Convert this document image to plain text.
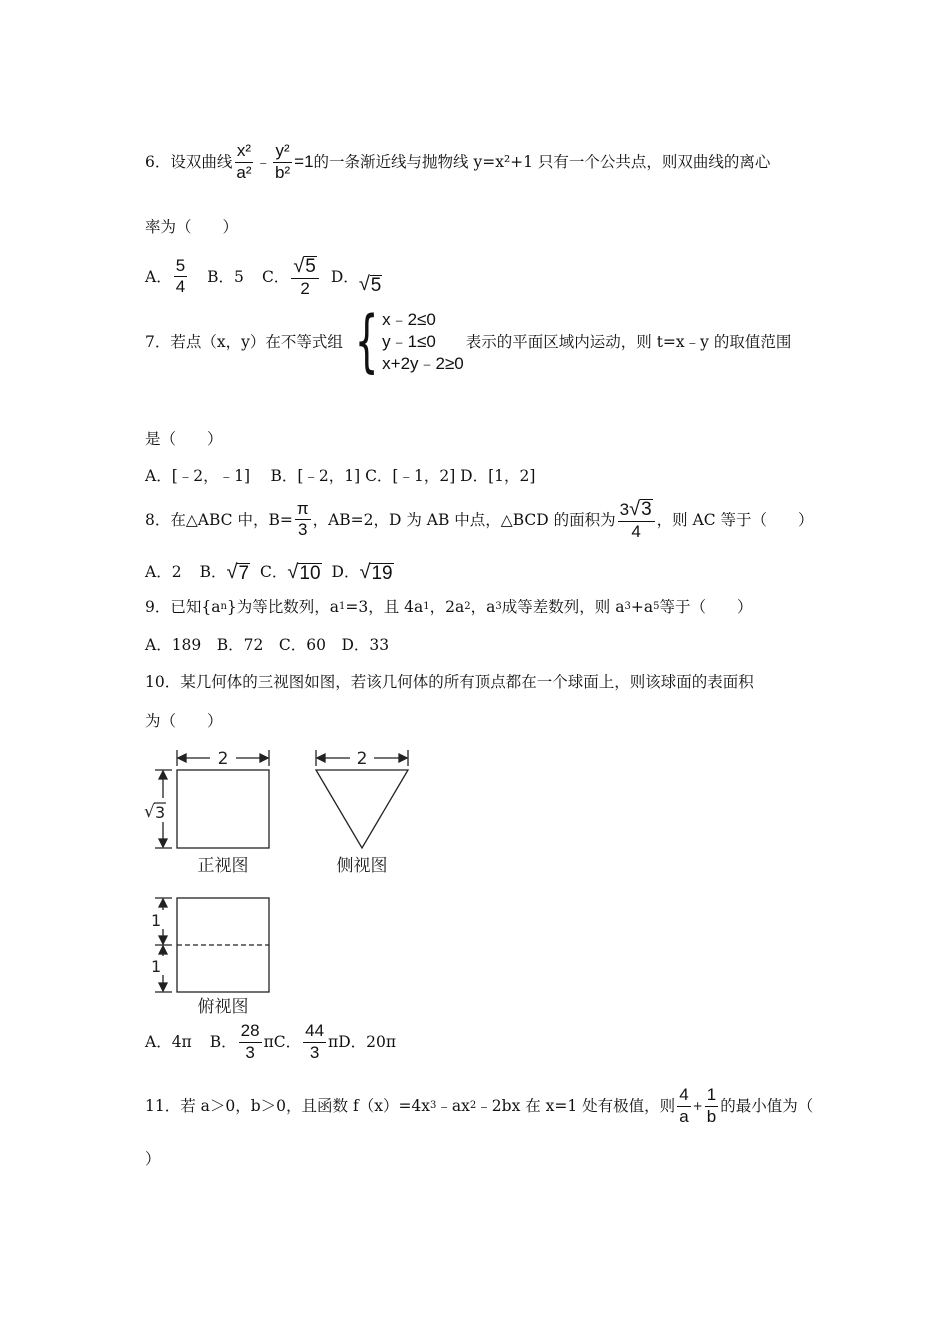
6．设双曲线 $\frac{\text{x²}}{\text{a²}}$ ﹣ $\frac{\text{y²}}{\text{b²}} =1$ 的一条渐近线与抛物线 y=x²+1 只有一个公共点，则双曲线的离心
率为（　　）
A． $\frac{5}{4}$ B．5 C． $\frac{√ 5}{2}$ D． √ 5
7．若点（x，y）在不等式组 { x﹣2≤0
y﹣1≤0
x+2y﹣2≥0
表示的平面区域内运动，则 t=x﹣y 的取值范围
是（　　）
A．[﹣2，﹣1]　 B．[﹣2，1] C．[﹣1，2] D．[1，2]
8．在△ABC 中，$B= \frac{\pi}{3}$ ，AB=2，D 为 AB 中点，△BCD 的面积为 $\frac{3 √ 3}{4}$ ，则 AC 等于（　　）
A．2 B． √ 7 C． √ 10 D． √ 19
9．已知{a n }为等比数列，a 1 =3，且 4a 1 ，2a 2 ，a 3 成等差数列，则 a 3 +a 5 等于（　　）
A．189　B．72　C．60　D．33
10．某几何体的三视图如图，若该几何体的所有顶点都在一个球面上，则该球面的表面积
为（　　）
2
√ 3
正视图
2
侧视图
1
1
俯视图
A．4π B． $\frac{28}{3}$ π C． $\frac{44}{3}$ π D．20π
11．若 a＞0，b＞0，且函数 f（x）=4x 3 ﹣ax 2 ﹣2bx 在 x=1 处有极值，则 $\frac{4}{a} + \frac{1}{b}$ 的最小值为（
）
